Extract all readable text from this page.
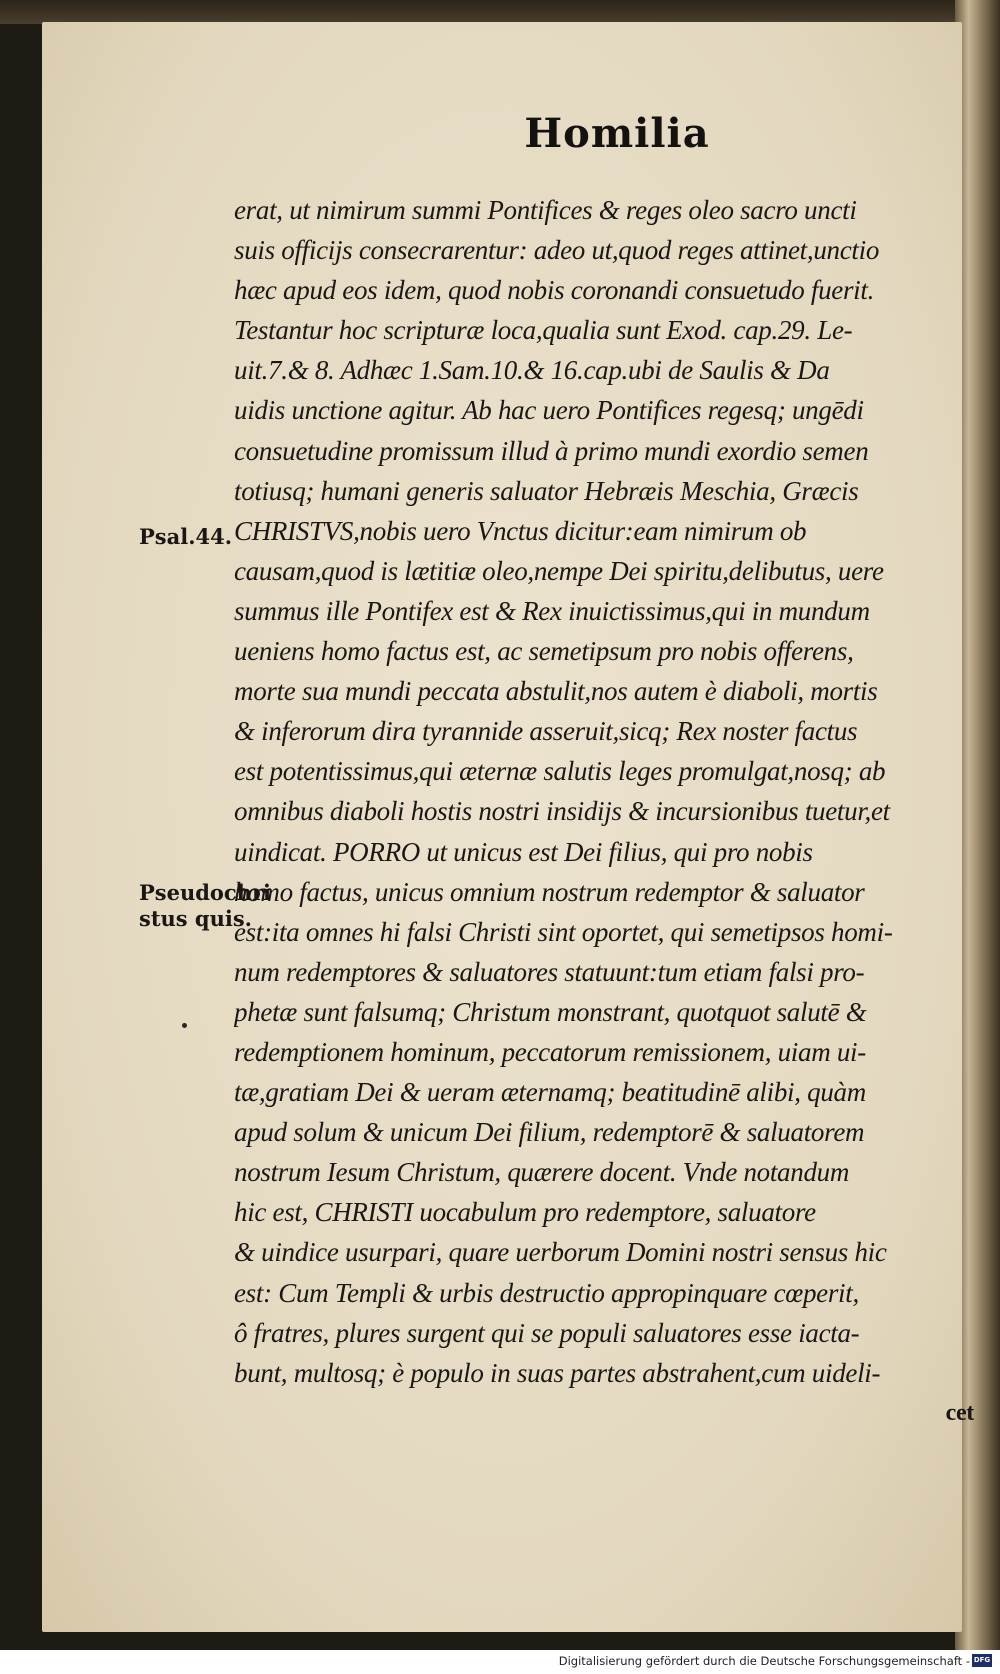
Homilia
Psal.44.
Pseudochri
stus quis.
erat, ut nimirum summi Pontifices & reges oleo sacro uncti
suis officijs consecrarentur: adeo ut,quod reges attinet,unctio
hæc apud eos idem, quod nobis coronandi consuetudo fuerit.
Testantur hoc scripturæ loca,qualia sunt Exod. cap.29. Le-
uit.7.& 8. Adhæc 1.Sam.10.& 16.cap.ubi de Saulis & Da
uidis unctione agitur. Ab hac uero Pontifices regesq; ungēdi
consuetudine promissum illud à primo mundi exordio semen
totiusq; humani generis saluator Hebræis Meschia, Græcis
CHRISTVS,nobis uero Vnctus dicitur:eam nimirum ob
causam,quod is lætitiæ oleo,nempe Dei spiritu,delibutus, uere
summus ille Pontifex est & Rex inuictissimus,qui in mundum
ueniens homo factus est, ac semetipsum pro nobis offerens,
morte sua mundi peccata abstulit,nos autem è diaboli, mortis
& inferorum dira tyrannide asseruit,sicq; Rex noster factus
est potentissimus,qui æternæ salutis leges promulgat,nosq; ab
omnibus diaboli hostis nostri insidijs & incursionibus tuetur,et
uindicat. PORRO ut unicus est Dei filius, qui pro nobis
homo factus, unicus omnium nostrum redemptor & saluator
est:ita omnes hi falsi Christi sint oportet, qui semetipsos homi-
num redemptores & saluatores statuunt:tum etiam falsi pro-
phetæ sunt falsumq; Christum monstrant, quotquot salutē &
redemptionem hominum, peccatorum remissionem, uiam ui-
tæ,gratiam Dei & ueram æternamq; beatitudinē alibi, quàm
apud solum & unicum Dei filium, redemptorē & saluatorem
nostrum Iesum Christum, quærere docent. Vnde notandum
hic est, CHRISTI uocabulum pro redemptore, saluatore
& uindice usurpari, quare uerborum Domini nostri sensus hic
est: Cum Templi & urbis destructio appropinquare cœperit,
ô fratres, plures surgent qui se populi saluatores esse iacta-
bunt, multosq; è populo in suas partes abstrahent,cum uideli-
cet
Digitalisierung gefördert durch die Deutsche Forschungsgemeinschaft - DFG
